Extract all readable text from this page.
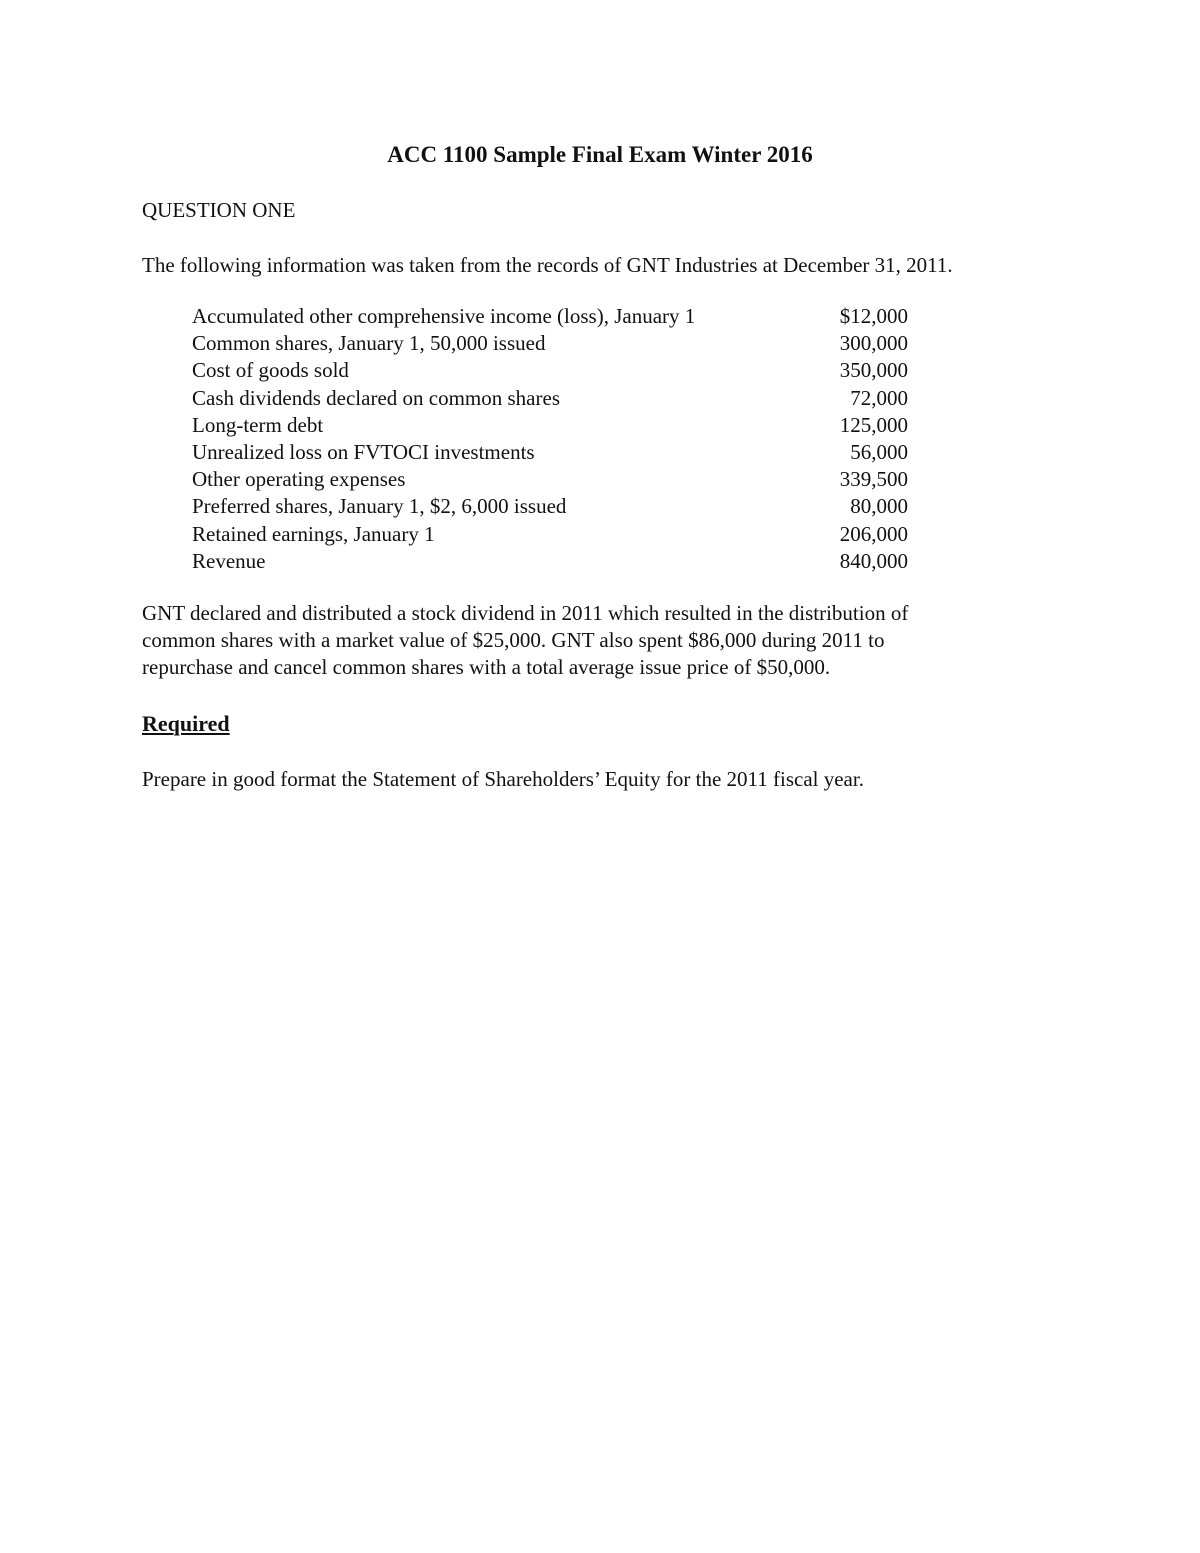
ACC 1100 Sample Final Exam Winter 2016
QUESTION ONE
The following information was taken from the records of GNT Industries at December 31, 2011.
Accumulated other comprehensive income (loss), January 1	$12,000
Common shares, January 1, 50,000 issued	300,000
Cost of goods sold	350,000
Cash dividends declared on common shares	72,000
Long-term debt	125,000
Unrealized loss on FVTOCI investments	56,000
Other operating expenses	339,500
Preferred shares, January 1, $2, 6,000 issued	80,000
Retained earnings, January 1	206,000
Revenue	840,000
GNT declared and distributed a stock dividend in 2011 which resulted in the distribution of
common shares with a market value of $25,000. GNT also spent $86,000 during 2011 to
repurchase and cancel common shares with a total average issue price of $50,000.
Required
Prepare in good format the Statement of Shareholders’ Equity for the 2011 fiscal year.
